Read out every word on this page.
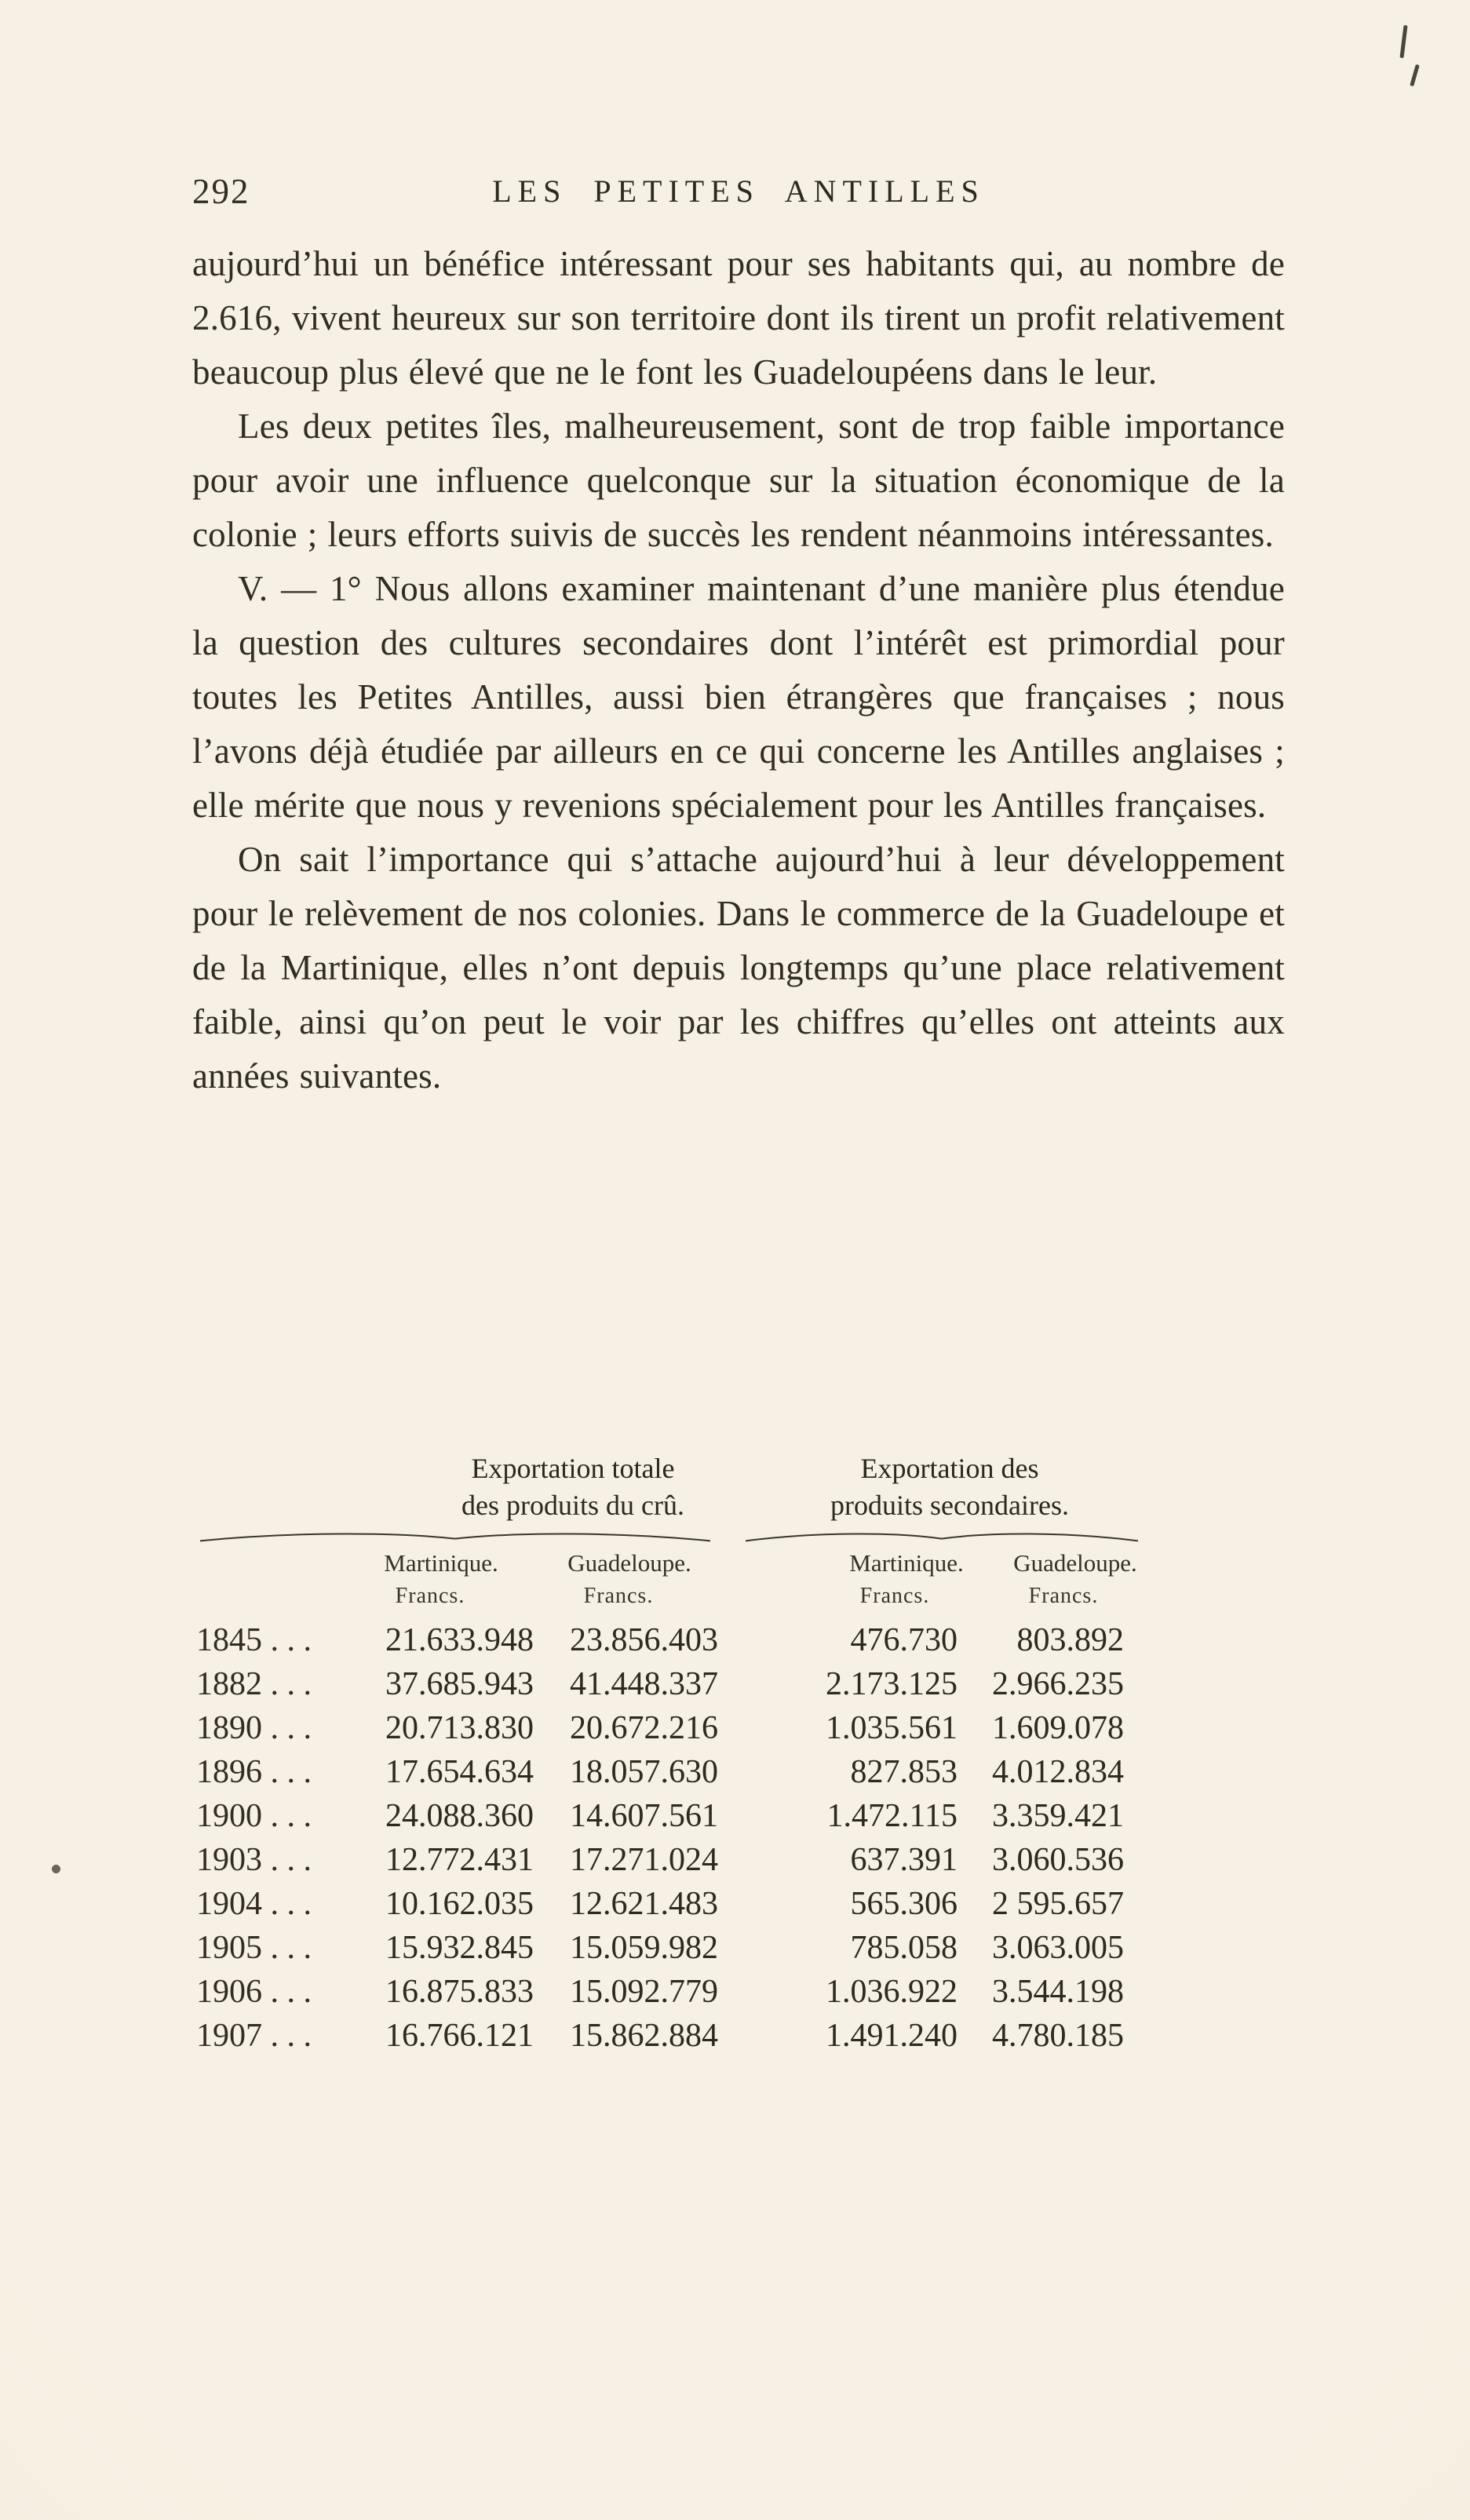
292	LES PETITES ANTILLES

aujourd’hui un bénéfice intéressant pour ses habitants qui, au nombre de 2.616, vivent heureux sur son territoire dont ils tirent un profit relativement beaucoup plus élevé que ne le font les Guadeloupéens dans le leur.

Les deux petites îles, malheureusement, sont de trop faible importance pour avoir une influence quelconque sur la situation économique de la colonie ; leurs efforts suivis de succès les rendent néanmoins intéressantes.

V. — 1° Nous allons examiner maintenant d’une manière plus étendue la question des cultures secondaires dont l’intérêt est primordial pour toutes les Petites Antilles, aussi bien étrangères que françaises ; nous l’avons déjà étudiée par ailleurs en ce qui concerne les Antilles anglaises ; elle mérite que nous y revenions spécialement pour les Antilles françaises.

On sait l’importance qui s’attache aujourd’hui à leur développement pour le relèvement de nos colonies. Dans le commerce de la Guadeloupe et de la Martinique, elles n’ont depuis longtemps qu’une place relativement faible, ainsi qu’on peut le voir par les chiffres qu’elles ont atteints aux années suivantes.

Exportation totale
des produits du crû.
Exportation des
produits secondaires.
Martinique.	Guadeloupe.	Martinique. Guadeloupe.
Francs.	Francs.	Francs.	Francs.
1845 . . .	21.633.948	23.856.403	476.730	803.892
1882 . . .	37.685.943	41.448.337	2.173.125	2.966.235
1890 . . .	20.713.830	20.672.216	1.035.561	1.609.078
1896 . . .	17.654.634	18.057.630	827.853	4.012.834
1900 . . .	24.088.360	14.607.561	1.472.115	3.359.421
1903 . . .	12.772.431	17.271.024	637.391	3.060.536
1904 . . .	10.162.035	12.621.483	565.306	2 595.657
1905 . . .	15.932.845	15.059.982	785.058	3.063.005
1906 . . .	16.875.833	15.092.779	1.036.922	3.544.198
1907 . . .	16.766.121	15.862.884	1.491.240	4.780.185
